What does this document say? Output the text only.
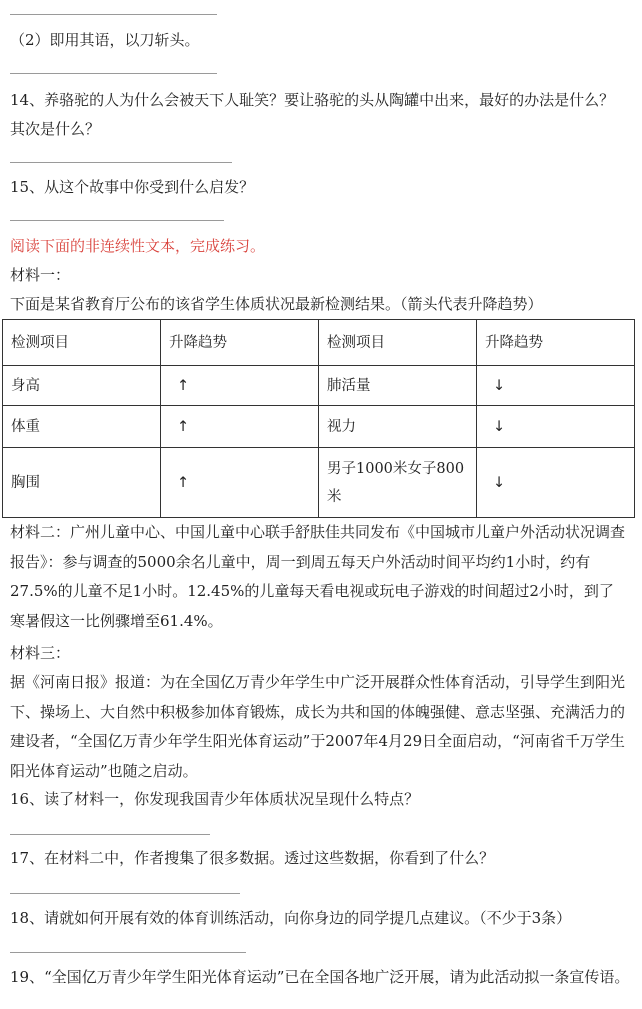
（2）即用其语，以刀斩头。
14、养骆驼的人为什么会被天下人耻笑？要让骆驼的头从陶罐中出来，最好的办法是什么？
其次是什么？
15、从这个故事中你受到什么启发？
阅读下面的非连续性文本，完成练习。
材料一：
下面是某省教育厅公布的该省学生体质状况最新检测结果。（箭头代表升降趋势）
检测项目	升降趋势	检测项目	升降趋势
身高	↑	肺活量	↓
体重	↑	视力	↓
胸围	↑	男子1000米女子800米	↓
材料二：广州儿童中心、中国儿童中心联手舒肤佳共同发布《中国城市儿童户外活动状况调查报告》：参与调查的5000余名儿童中，周一到周五每天户外活动时间平均约1小时，约有27.5%的儿童不足1小时。12.45%的儿童每天看电视或玩电子游戏的时间超过2小时，到了寒暑假这一比例骤增至61.4%。
材料三：
据《河南日报》报道：为在全国亿万青少年学生中广泛开展群众性体育活动，引导学生到阳光下、操场上、大自然中积极参加体育锻炼，成长为共和国的体魄强健、意志坚强、充满活力的建设者，“全国亿万青少年学生阳光体育运动”于2007年4月29日全面启动，“河南省千万学生阳光体育运动”也随之启动。
16、读了材料一，你发现我国青少年体质状况呈现什么特点？
17、在材料二中，作者搜集了很多数据。透过这些数据，你看到了什么？
18、请就如何开展有效的体育训练活动，向你身边的同学提几点建议。（不少于3条）
19、“全国亿万青少年学生阳光体育运动”已在全国各地广泛开展，请为此活动拟一条宣传语。
